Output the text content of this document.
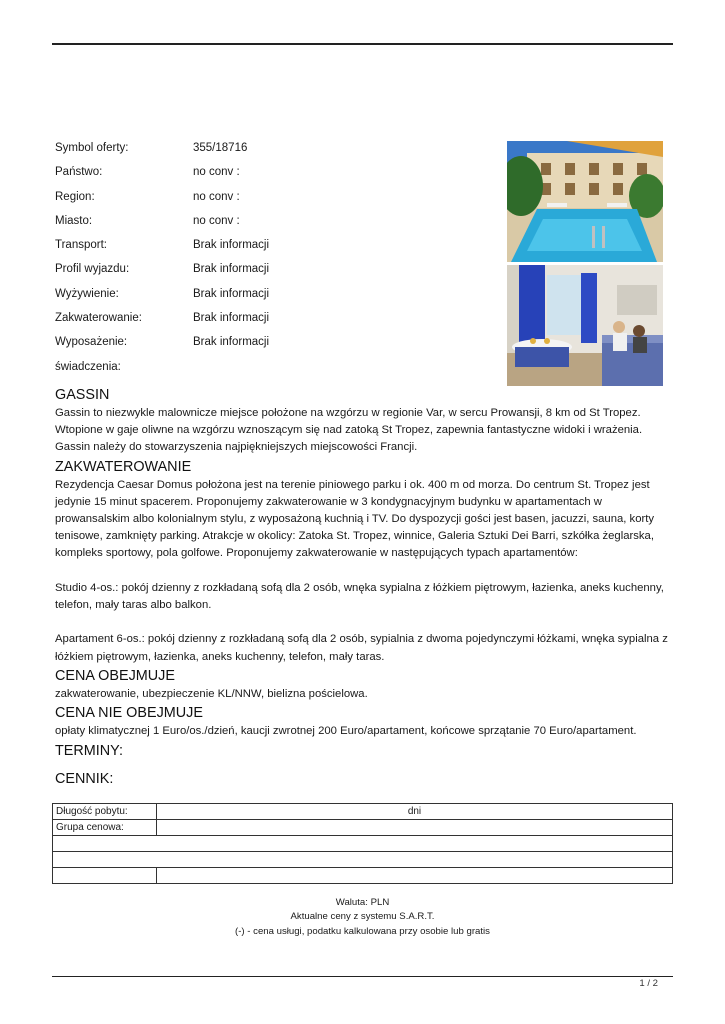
Symbol oferty:	355/18716
Państwo:	no conv :
Region:	no conv :
Miasto:	no conv :
Transport:	Brak informacji
Profil wyjazdu:	Brak informacji
Wyżywienie:	Brak informacji
Zakwaterowanie:	Brak informacji
Wyposażenie:	Brak informacji
świadczenia:
GASSIN

Gassin to niezwykle malownicze miejsce położone na wzgórzu w regionie Var, w sercu Prowansji, 8 km od St Tropez. Wtopione w gaje oliwne na wzgórzu wznoszącym się nad zatoką St Tropez, zapewnia fantastyczne widoki i wrażenia. Gassin należy do stowarzyszenia najpiękniejszych miejscowości Francji.

ZAKWATEROWANIE

Rezydencja Caesar Domus położona jest na terenie piniowego parku i ok. 400 m od morza. Do centrum St. Tropez jest jedynie 15 minut spacerem. Proponujemy zakwaterowanie w 3 kondygnacyjnym budynku w apartamentach w prowansalskim albo kolonialnym stylu, z wyposażoną kuchnią i TV. Do dyspozycji gości jest basen, jacuzzi, sauna, korty tenisowe, zamknięty parking. Atrakcje w okolicy: Zatoka St. Tropez, winnice, Galeria Sztuki Dei Barri, szkółka żeglarska, kompleks sportowy, pola golfowe. Proponujemy zakwaterowanie w następujących typach apartamentów:

Studio 4-os.: pokój dzienny z rozkładaną sofą dla 2 osób, wnęka sypialna z łóżkiem piętrowym, łazienka, aneks kuchenny, telefon, mały taras albo balkon.

Apartament 6-os.: pokój dzienny z rozkładaną sofą dla 2 osób, sypialnia z dwoma pojedynczymi łóżkami, wnęka sypialna z łóżkiem piętrowym, łazienka, aneks kuchenny, telefon, mały taras.

CENA OBEJMUJE

zakwaterowanie, ubezpieczenie KL/NNW, bielizna pościelowa.

CENA NIE OBEJMUJE

opłaty klimatycznej 1 Euro/os./dzień, kaucji zwrotnej 200 Euro/apartament, końcowe sprzątanie 70 Euro/apartament.

TERMINY:
CENNIK:
Długość pobytu:	dni
Grupa cenowa:	

Waluta: PLN
Aktualne ceny z systemu S.A.R.T.
(-) - cena usługi, podatku kalkulowana przy osobie lub gratis
1 / 2
